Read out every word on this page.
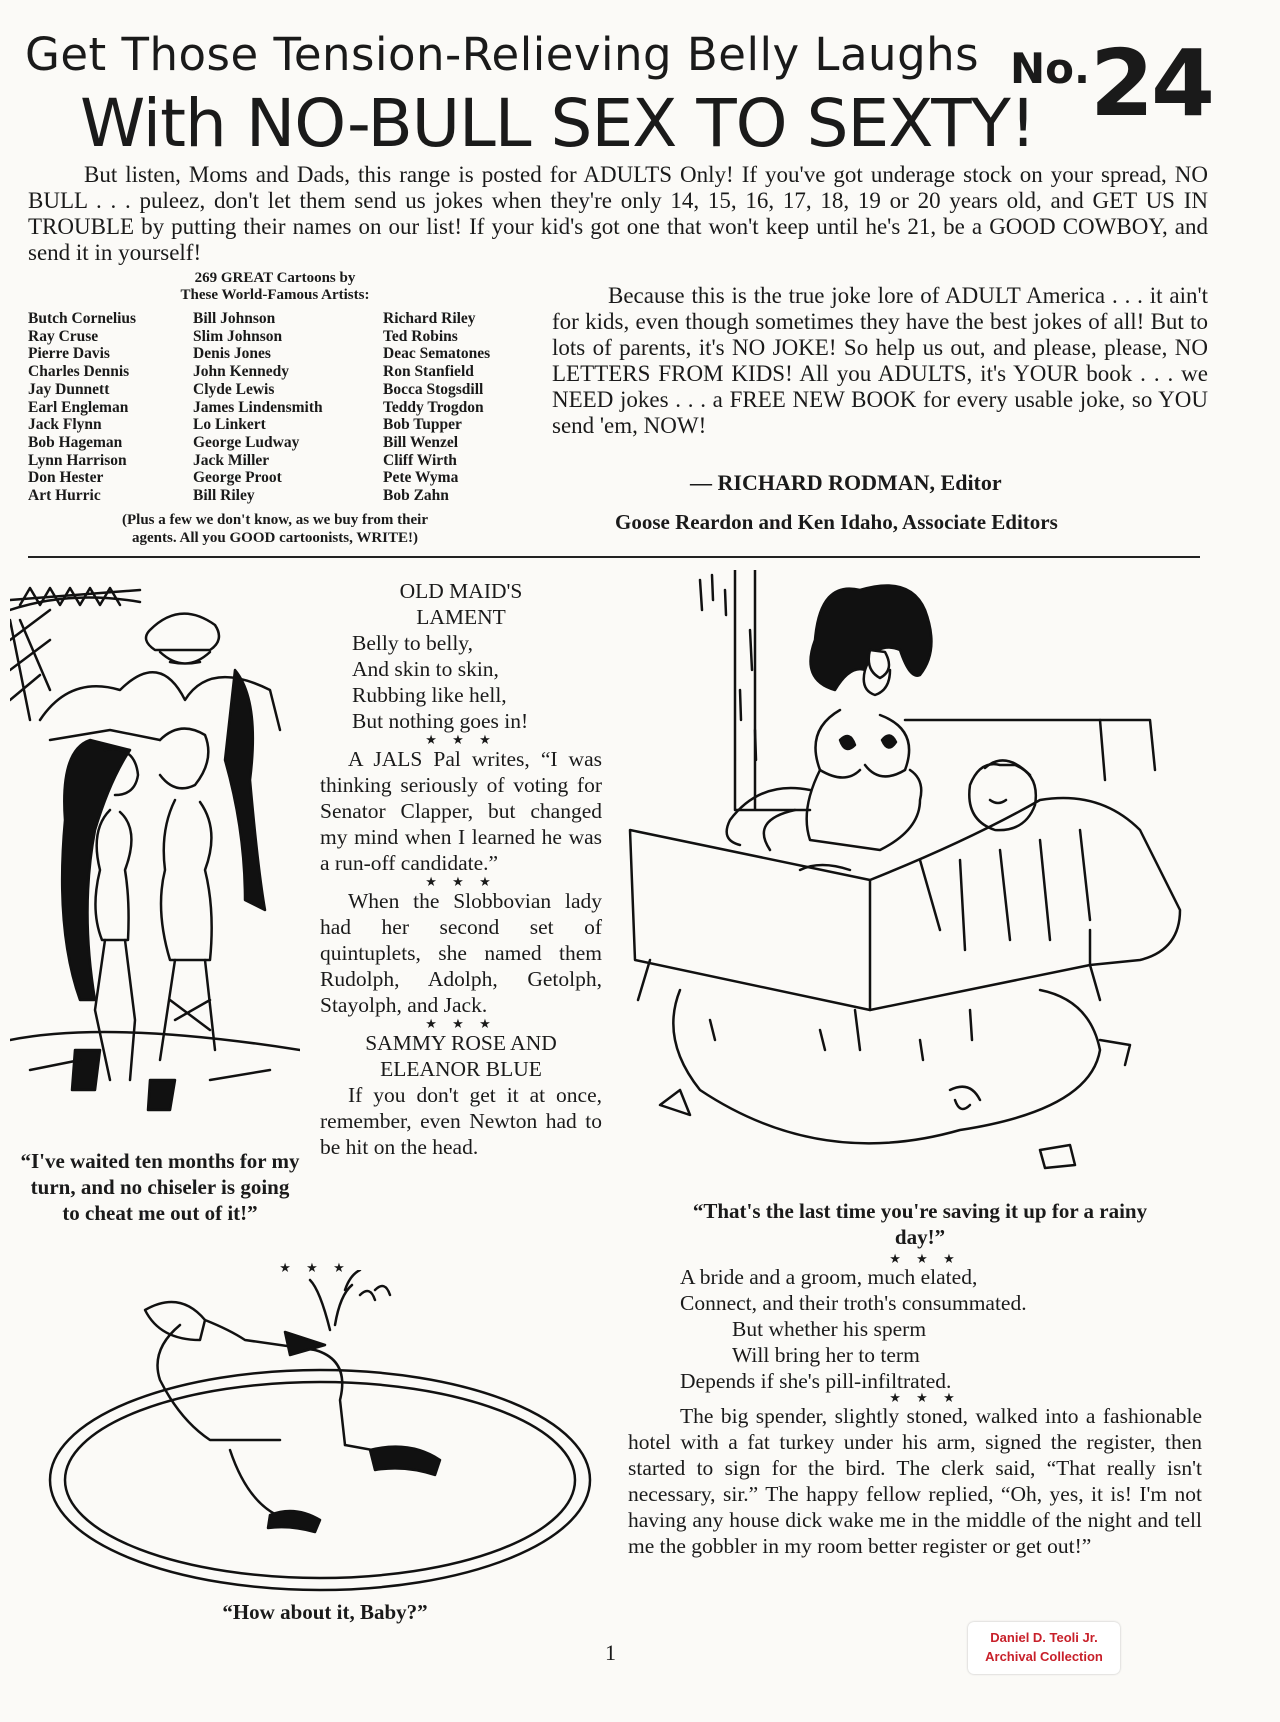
Get Those Tension-Relieving Belly Laughs
With NO-BULL SEX TO SEXTY!
No.24
But listen, Moms and Dads, this range is posted for ADULTS Only! If you've got underage stock on your spread, NO BULL . . . puleez, don't let them send us jokes when they're only 14, 15, 16, 17, 18, 19 or 20 years old, and GET US IN TROUBLE by putting their names on our list! If your kid's got one that won't keep until he's 21, be a GOOD COWBOY, and send it in yourself!
269 GREAT Cartoons by
These World-Famous Artists:
Butch Cornelius
Ray Cruse
Pierre Davis
Charles Dennis
Jay Dunnett
Earl Engleman
Jack Flynn
Bob Hageman
Lynn Harrison
Don Hester
Art Hurric
Bill Johnson
Slim Johnson
Denis Jones
John Kennedy
Clyde Lewis
James Lindensmith
Lo Linkert
George Ludway
Jack Miller
George Proot
Bill Riley
Richard Riley
Ted Robins
Deac Sematones
Ron Stanfield
Bocca Stogsdill
Teddy Trogdon
Bob Tupper
Bill Wenzel
Cliff Wirth
Pete Wyma
Bob Zahn
(Plus a few we don't know, as we buy from their
agents. All you GOOD cartoonists, WRITE!)
Because this is the true joke lore of ADULT America . . . it ain't for kids, even though sometimes they have the best jokes of all! But to lots of parents, it's NO JOKE! So help us out, and please, please, NO LETTERS FROM KIDS! All you ADULTS, it's YOUR book . . . we NEED jokes . . . a FREE NEW BOOK for every usable joke, so YOU send 'em, NOW!
— RICHARD RODMAN, Editor
Goose Reardon and Ken Idaho, Associate Editors
“I've waited ten months for my turn, and no chiseler is going to cheat me out of it!”
OLD MAID'S
LAMENT
Belly to belly,
And skin to skin,
Rubbing like hell,
But nothing goes in!
★ ★ ★
A JALS Pal writes, “I was thinking seriously of voting for Senator Clapper, but changed my mind when I learned he was a run-off candidate.”
★ ★ ★
When the Slobbovian lady had her second set of quintuplets, she named them Rudolph, Adolph, Getolph, Stayolph, and Jack.
★ ★ ★
SAMMY ROSE AND
ELEANOR BLUE
If you don't get it at once, remember, even Newton had to be hit on the head.
★ ★ ★
“How about it, Baby?”
“That's the last time you're saving it up for a rainy day!”
★ ★ ★
A bride and a groom, much elated,
Connect, and their troth's consummated.
But whether his sperm
Will bring her to term
Depends if she's pill-infiltrated.
★ ★ ★
The big spender, slightly stoned, walked into a fashionable hotel with a fat turkey under his arm, signed the register, then started to sign for the bird. The clerk said, “That really isn't necessary, sir.” The happy fellow replied, “Oh, yes, it is! I'm not having any house dick wake me in the middle of the night and tell me the gobbler in my room better register or get out!”
1
Daniel D. Teoli Jr.
Archival Collection
